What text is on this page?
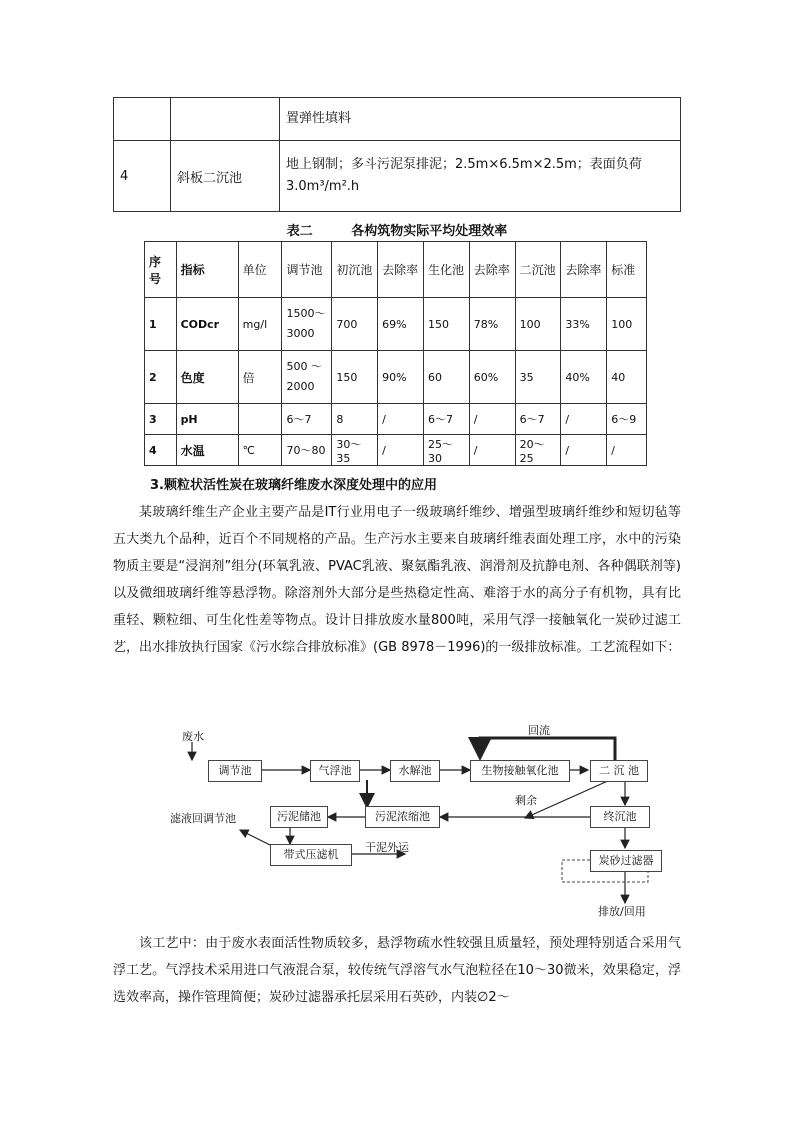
		置弹性填料
4	斜板二沉池	地上钢制；多斗污泥泵排泥；2.5m×6.5m×2.5m；表面负荷3.0m³/m².h
表二	各构筑物实际平均处理效率
序号	指标	单位	调节池	初沉池	去除率	生化池	去除率	二沉池	去除率	标准
1	CODcr	mg/l	1500～3000	700	69%	150	78%	100	33%	100
2	色度	倍	500 ～2000	150	90%	60	60%	35	40%	40
3	pH		6～7	8	/	6～7	/	6～7	/	6～9
4	水温	℃	70～80	30～35	/	25～30	/	20～25	/	/
3.颗粒状活性炭在玻璃纤维废水深度处理中的应用

某玻璃纤维生产企业主要产品是IT行业用电子一级玻璃纤维纱、增强型玻璃纤维纱和短切毡等五大类九个品种，近百个不同规格的产品。生产污水主要来自玻璃纤维表面处理工序，水中的污染物质主要是“浸润剂”组分(环氧乳液、PVAC乳液、聚氨酯乳液、润滑剂及抗静电剂、各种偶联剂等)以及微细玻璃纤维等悬浮物。除溶剂外大部分是些热稳定性高、难溶于水的高分子有机物，具有比重轻、颗粒细、可生化性差等物点。设计日排放废水量800吨，采用气浮一接触氧化一炭砂过滤工艺，出水排放执行国家《污水综合排放标准》(GB 8978－1996)的一级排放标准。工艺流程如下：

废水
调节池	气浮池	水解池	生物接触氧化池	二 沉 池
回流
剩余
终沉池
污泥储池	污泥浓缩池
滤液回调节池
带式压滤机
干泥外运
炭砂过滤器
排放/回用

该工艺中：由于废水表面活性物质较多，悬浮物疏水性较强且质量轻，预处理特别适合采用气浮工艺。气浮技术采用进口气液混合泵，较传统气浮溶气水气泡粒径在10～30微米，效果稳定，浮选效率高，操作管理简便；炭砂过滤器承托层采用石英砂，内装∅2～
